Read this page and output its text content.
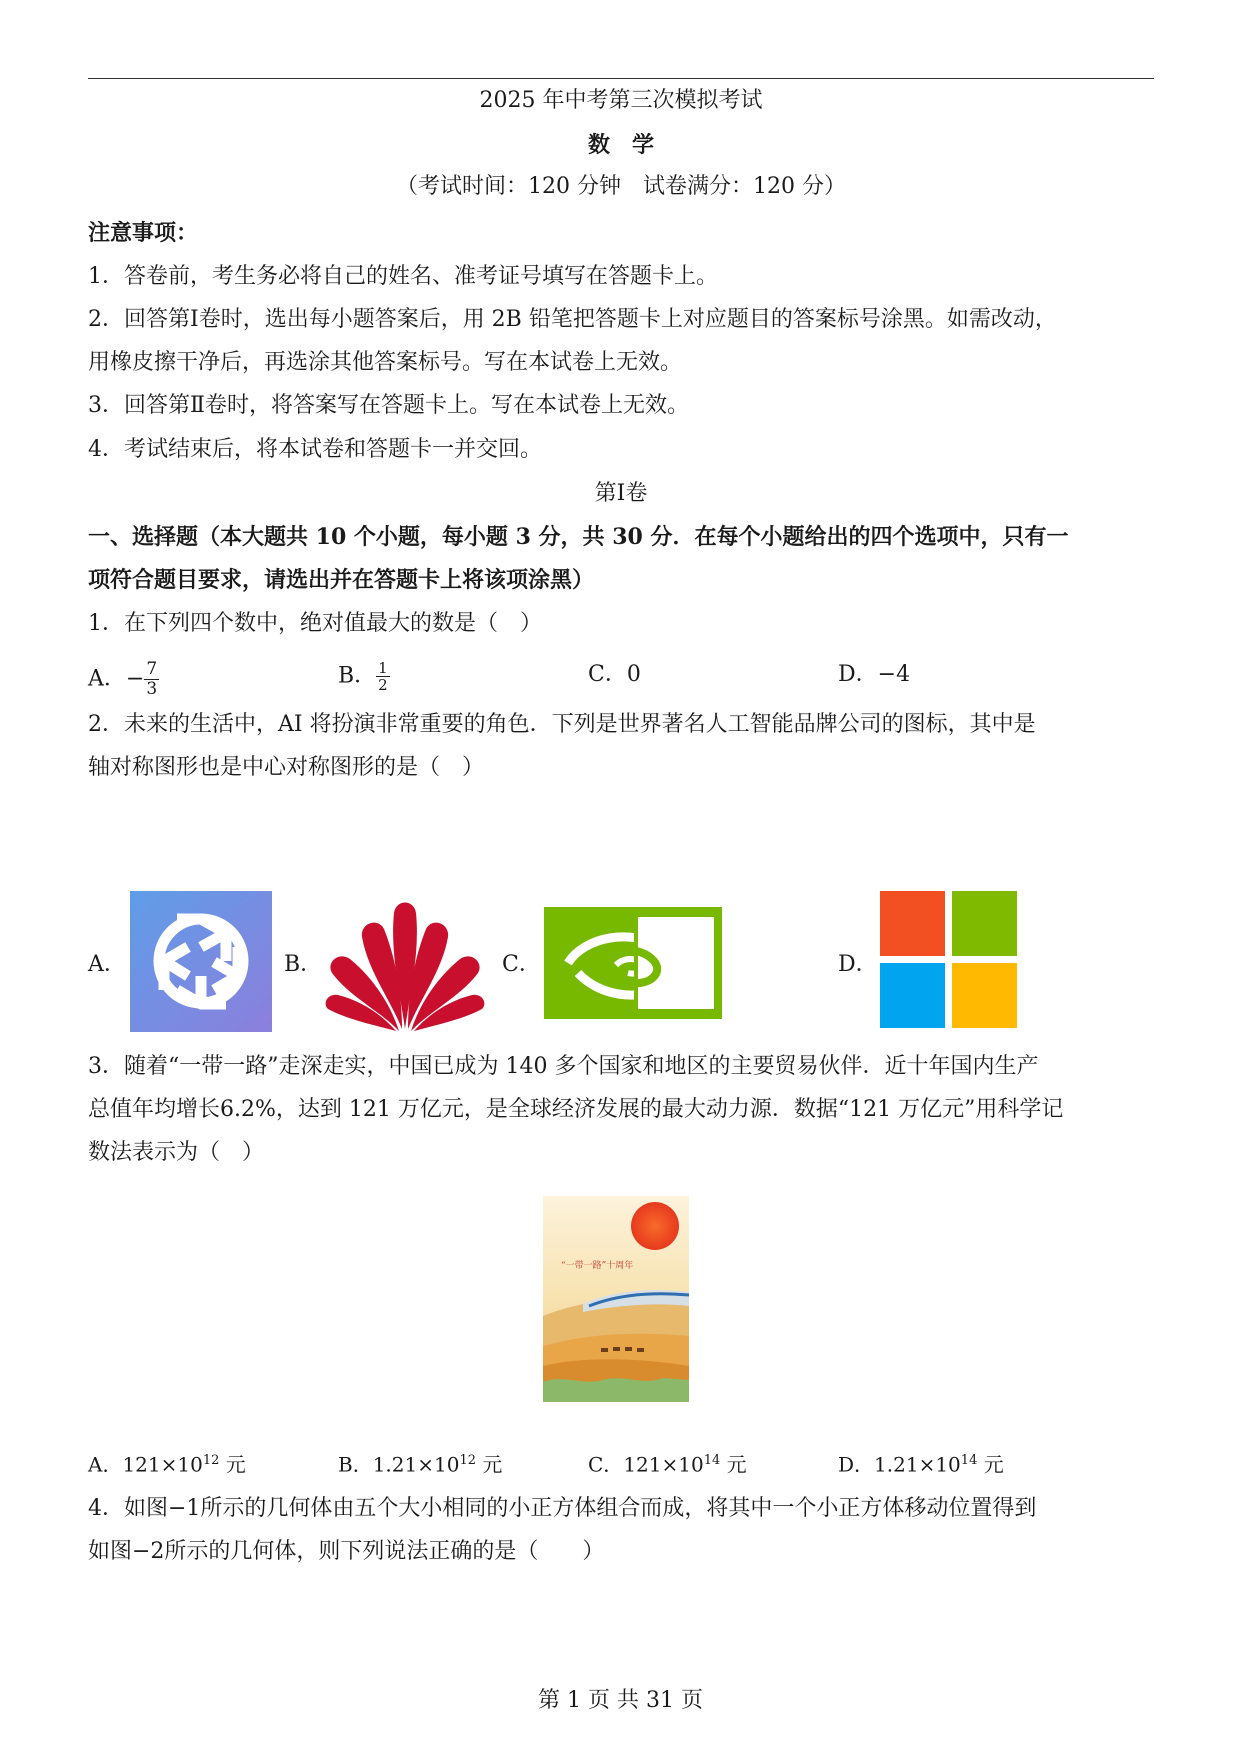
2025 年中考第三次模拟考试
数　学
（考试时间：120 分钟　试卷满分：120 分）
注意事项：
1．答卷前，考生务必将自己的姓名、准考证号填写在答题卡上。
2．回答第Ⅰ卷时，选出每小题答案后，用 2B 铅笔把答题卡上对应题目的答案标号涂黑。如需改动，
用橡皮擦干净后，再选涂其他答案标号。写在本试卷上无效。
3．回答第Ⅱ卷时，将答案写在答题卡上。写在本试卷上无效。
4．考试结束后，将本试卷和答题卡一并交回。
第Ⅰ卷
一、选择题（本大题共 10 个小题，每小题 3 分，共 30 分．在每个小题给出的四个选项中，只有一
项符合题目要求，请选出并在答题卡上将该项涂黑）
1．在下列四个数中，绝对值最大的数是（　）
A．− $\frac{7}{3}$	B． $\frac{1}{2}$	C．0	D．−4
2．未来的生活中，AI 将扮演非常重要的角色．下列是世界著名人工智能品牌公司的图标，其中是
轴对称图形也是中心对称图形的是（　）
A．	B．	C．	D．
3．随着“一带一路”走深走实，中国已成为 140 多个国家和地区的主要贸易伙伴．近十年国内生产
总值年均增长6.2%，达到 121 万亿元，是全球经济发展的最大动力源．数据“121 万亿元”用科学记
数法表示为（　）
“一带一路”十周年
A．$121\times 10^{12}$ 元	B．$1.21\times 10^{12}$ 元	C．$121\times 10^{14}$ 元	D．$1.21\times 10^{14}$ 元
4．如图−1所示的几何体由五个大小相同的小正方体组合而成，将其中一个小正方体移动位置得到
如图−2所示的几何体，则下列说法正确的是（　　）
第 1 页 共 31 页
